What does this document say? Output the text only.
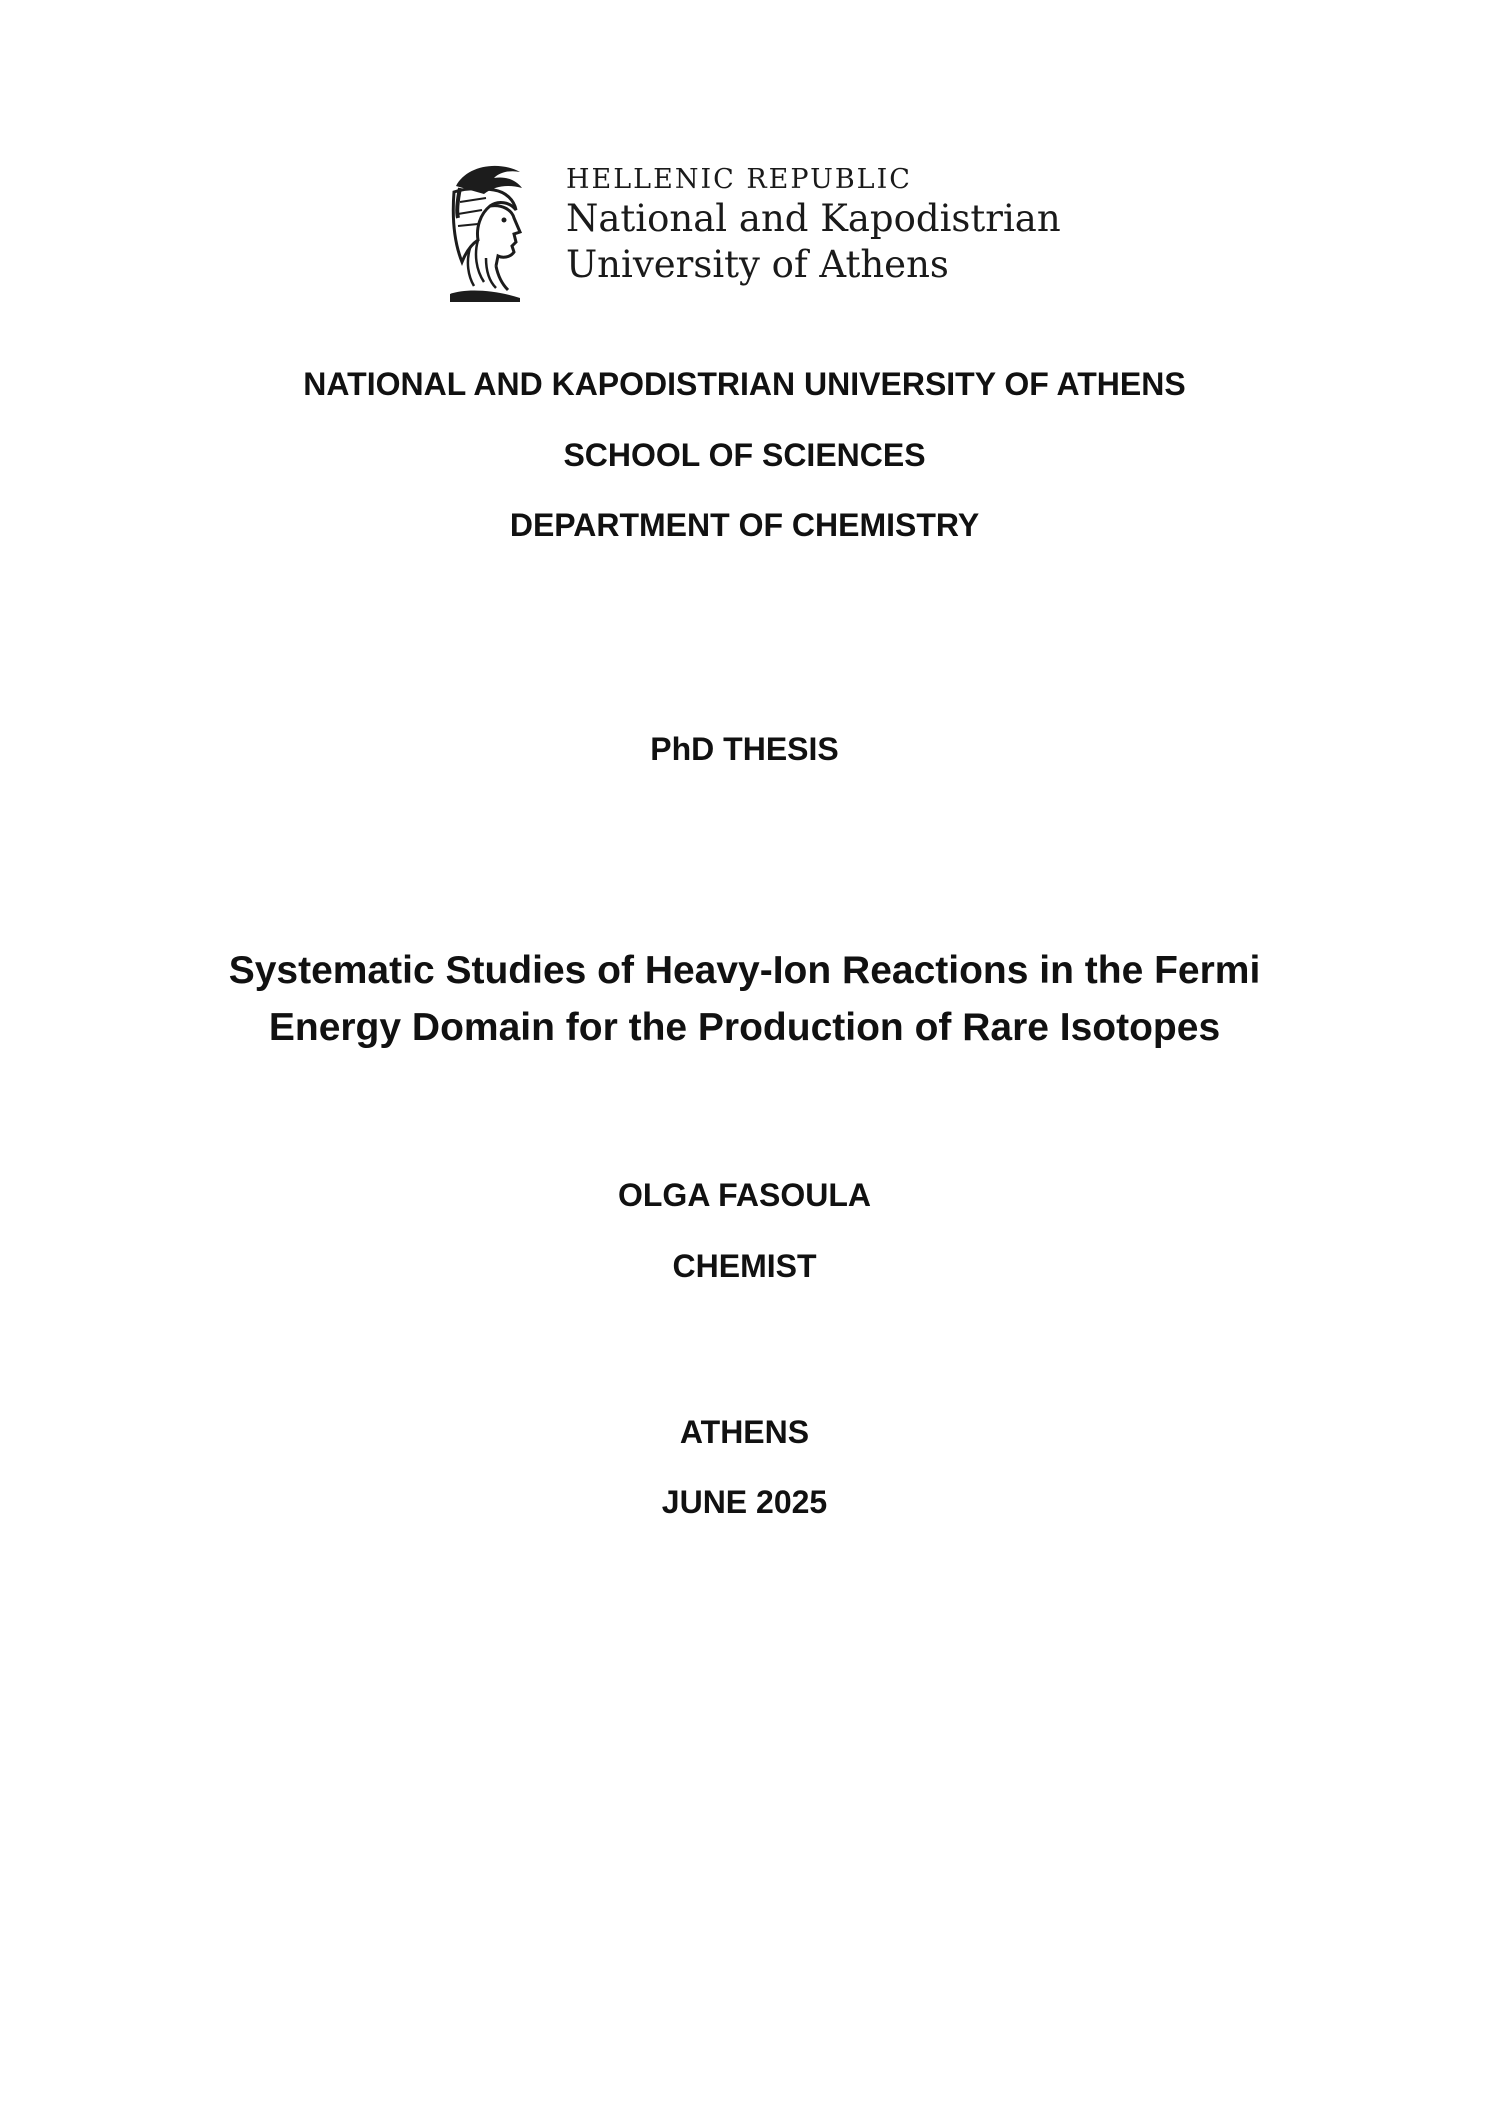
HELLENIC REPUBLIC
National and Kapodistrian
University of Athens
NATIONAL AND KAPODISTRIAN UNIVERSITY OF ATHENS
SCHOOL OF SCIENCES
DEPARTMENT OF CHEMISTRY
PhD THESIS
Systematic Studies of Heavy-Ion Reactions in the Fermi
Energy Domain for the Production of Rare Isotopes
OLGA FASOULA
CHEMIST
ATHENS
JUNE 2025
